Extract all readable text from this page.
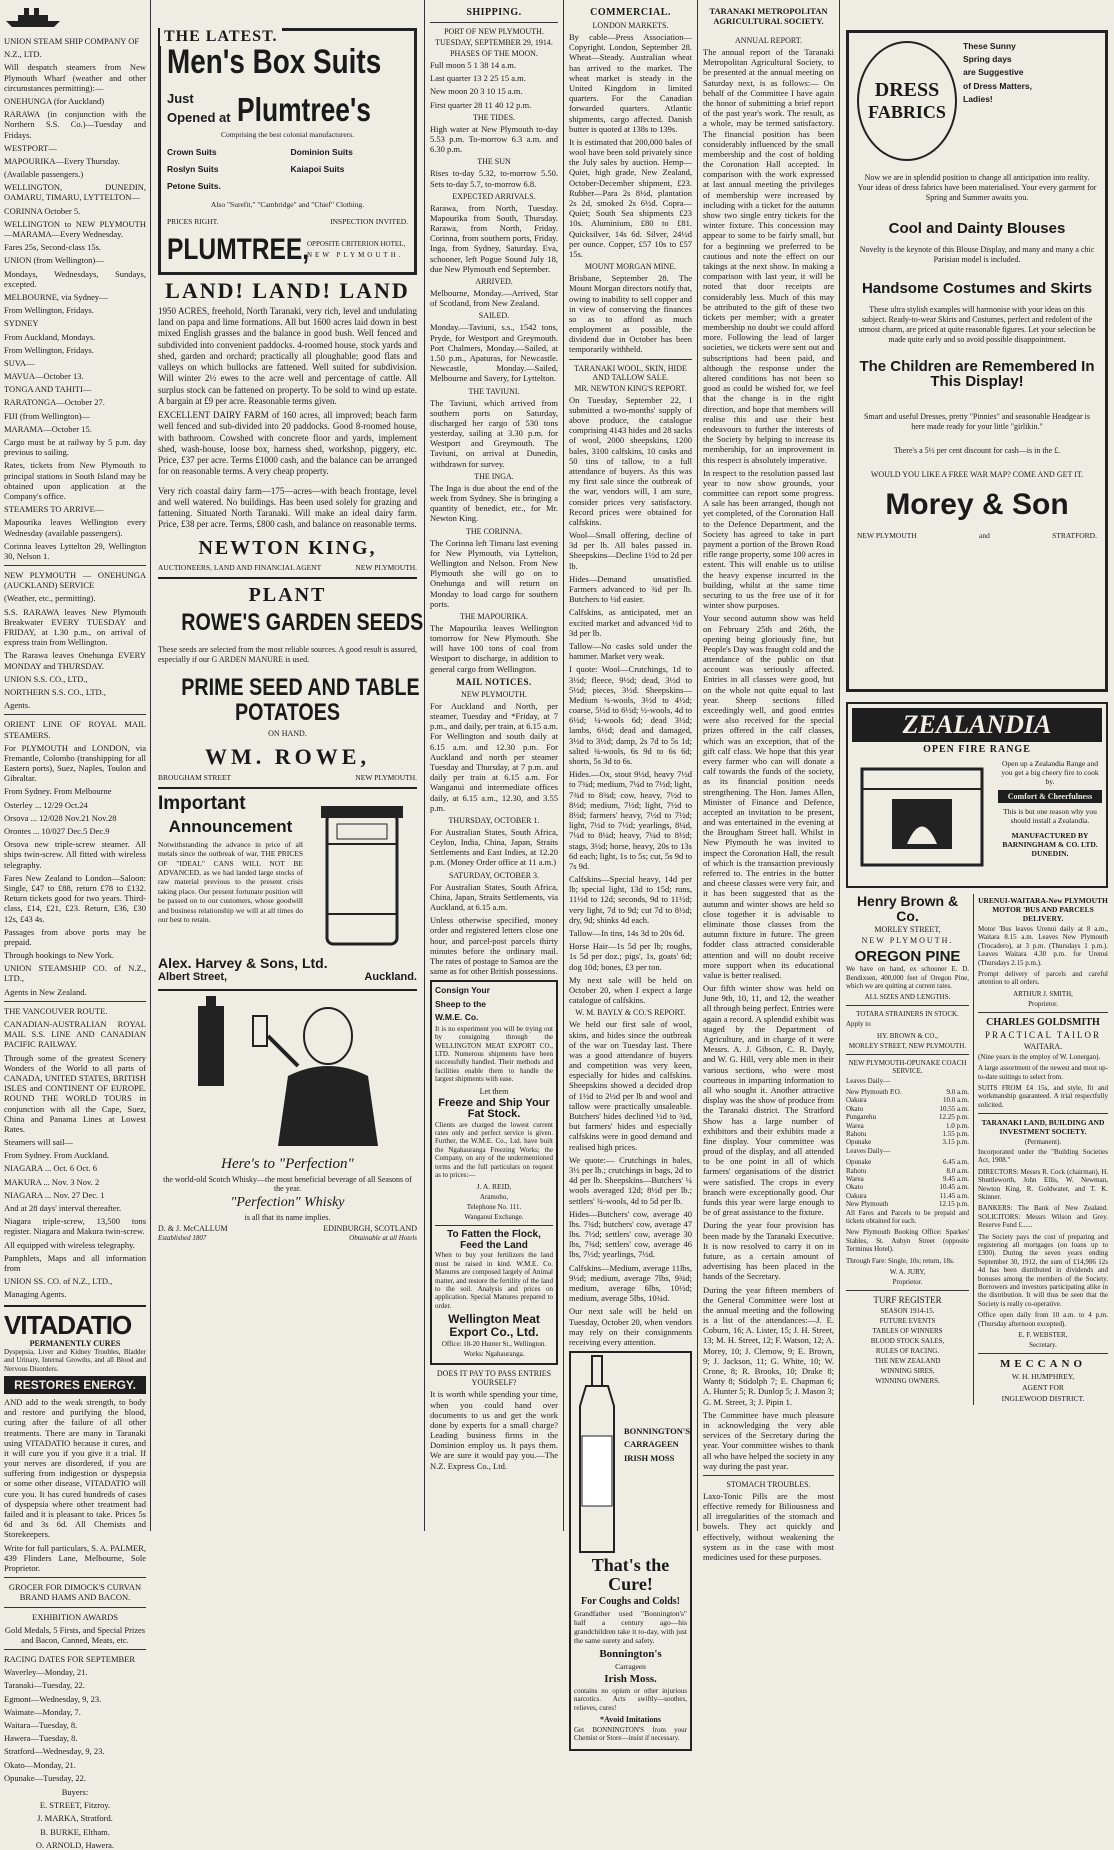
UNION STEAM SHIP COMPANY OF
N.Z., LTD.
Will despatch steamers from New Plymouth Wharf (weather and other circumstances permitting):—
ONEHUNGA (for Auckland)
RARAWA (in conjunction with the Northern S.S. Co.)—Tuesday and Fridays.
WESTPORT—
MAPOURIKA—Every Thursday.
(Available passengers.)
WELLINGTON, DUNEDIN, OAMARU, TIMARU, LYTTELTON—
CORINNA October 5.
WELLINGTON to NEW PLYMOUTH—MARAMA—Every Wednesday.
Fares 25s, Second-class 15s.
UNION (from Wellington)—
Mondays, Wednesdays, Sundays, excepted.
MELBOURNE, via Sydney—
From Wellington, Fridays.
SYDNEY
From Auckland, Mondays.
From Wellington, Fridays.
SUVA—
MAVUA—October 13.
TONGA AND TAHITI—
RARATONGA—October 27.
FIJI (from Wellington)—
MARAMA—October 15.
Cargo must be at railway by 5 p.m. day previous to sailing.
Rates, tickets from New Plymouth to principal stations in South Island may be obtained upon application at the Company's office.
STEAMERS TO ARRIVE—
Mapourika leaves Wellington every Wednesday (available passengers).
Corinna leaves Lyttelton 29, Wellington 30, Nelson 1.
NEW PLYMOUTH — ONEHUNGA (AUCKLAND) SERVICE
(Weather, etc., permitting).
S.S. RARAWA leaves New Plymouth Breakwater EVERY TUESDAY and FRIDAY, at 1.30 p.m., on arrival of express train from Wellington.
The Rarawa leaves Onehunga EVERY MONDAY and THURSDAY.
UNION S.S. CO., LTD.,
NORTHERN S.S. CO., LTD.,
Agents.
ORIENT LINE OF ROYAL MAIL STEAMERS.
For PLYMOUTH and LONDON, via Fremantle, Colombo (transhipping for all Eastern ports), Suez, Naples, Toulon and Gibraltar.
From Sydney. From Melbourne
Osterley ... 12/29 Oct.24
Orsova ... 12/028 Nov.21 Nov.28
Orontes ... 10/027 Dec.5 Dec.9
Orsova new triple-screw steamer. All ships twin-screw. All fitted with wireless telegraphy.
Fares New Zealand to London—Saloon: Single, £47 to £88, return £78 to £132. Return tickets good for two years. Third-class, £14, £21, £23. Return, £36, £30 12s, £43 4s.
Passages from above ports may be prepaid.
Through bookings to New York.
UNION STEAMSHIP CO. of N.Z., LTD.,
Agents in New Zealand.
THE VANCOUVER ROUTE.
CANADIAN-AUSTRALIAN ROYAL MAIL S.S. LINE AND CANADIAN PACIFIC RAILWAY.
Through some of the greatest Scenery Wonders of the World to all parts of CANADA, UNITED STATES, BRITISH ISLES and CONTINENT OF EUROPE. ROUND THE WORLD TOURS in conjunction with all the Cape, Suez, China and Panama Lines at Lowest Rates.
Steamers will sail—
From Sydney. From Auckland.
NIAGARA ... Oct. 6 Oct. 6
MAKURA ... Nov. 3 Nov. 2
NIAGARA ... Nov. 27 Dec. 1
And at 28 days' interval thereafter.
Niagara triple-screw, 13,500 tons register. Niagara and Makura twin-screw.
All equipped with wireless telegraphy.
Pamphlets, Maps and all information from
UNION SS. CO. of N.Z., LTD.,
Managing Agents.
VITADATIO
PERMANENTLY CURES
Dyspepsia, Liver and Kidney Troubles, Bladder and Urinary, Internal Growths, and all Blood and Nervous Disorders.
RESTORES ENERGY.
AND add to the weak strength, to body and restore and purifying the blood, curing after the failure of all other treatments. There are many in Taranaki using VITADATIO because it cures, and it will cure you if you give it a trial. If your nerves are disordered, if you are suffering from indigestion or dyspepsia or some other disease, VITADATIO will cure you. It has cured hundreds of cases of dyspepsia where other treatment had failed and it is pleasant to take. Prices 5s 6d and 3s 6d. All Chemists and Storekeepers.
Write for full particulars, S. A. PALMER, 439 Flinders Lane, Melbourne, Sole Proprietor.
GROCER FOR DIMOCK'S CURVAN BRAND HAMS AND BACON.
EXHIBITION AWARDS
Gold Medals, 5 Firsts, and Special Prizes and Bacon, Canned, Meats, etc.
RACING DATES FOR SEPTEMBER
Waverley—Monday, 21.
Taranaki—Tuesday, 22.
Egmont—Wednesday, 9, 23.
Waimate—Monday, 7.
Waitara—Tuesday, 8.
Hawera—Tuesday, 8.
Stratford—Wednesday, 9, 23.
Okato—Monday, 21.
Opunake—Tuesday, 22.
Buyers:
E. STREET, Fitzroy.
J. MARKA, Stratford.
B. BURKE, Eltham.
O. ARNOLD, Hawera.
THE LATEST.
Men's Box Suits
Just
Opened at Plumtree's
Comprising the best colonial manufacturers.
Crown Suits	Dominion Suits
Roslyn Suits	Kaiapoi Suits
Petone Suits.
Also "Surefit," "Cambridge" and "Chief" Clothing.
PRICES RIGHT.	INSPECTION INVITED.
PLUMTREE,
OPPOSITE CRITERION HOTEL,
NEW PLYMOUTH.
LAND! LAND! LAND

1950 ACRES, freehold, North Taranaki, very rich, level and undulating land on papa and lime formations. All but 1600 acres laid down in best mixed English grasses and the balance in good bush. Well fenced and subdivided into convenient paddocks. 4-roomed house, stock yards and shed, garden and orchard; practically all ploughable; good flats and valleys on which bullocks are fattened. Well suited for subdivision. Will winter 2½ ewes to the acre well and percentage of cattle. All surplus stock can be fattened on property. To be sold to wind up estate. A bargain at £9 per acre. Reasonable terms given.

EXCELLENT DAIRY FARM of 160 acres, all improved; beach farm well fenced and sub-divided into 20 paddocks. Good 8-roomed house, with bathroom. Cowshed with concrete floor and yards, implement shed, wash-house, loose box, harness shed, workshop, piggery, etc. Price, £37 per acre. Terms £1000 cash, and the balance can be arranged for on reasonable terms. A very cheap property.

Very rich coastal dairy farm—175—acres—with beach frontage, level and well watered. No buildings. Has been used solely for grazing and fattening. Situated North Taranaki. Will make an ideal dairy farm. Price, £38 per acre. Terms, £800 cash, and balance on reasonable terms.

NEWTON KING,
AUCTIONEERS, LAND AND FINANCIAL AGENT	NEW PLYMOUTH.
PLANT
ROWE'S GARDEN SEEDS

These seeds are selected from the most reliable sources. A good result is assured, especially if our G ARDEN MANURE is used.

PRIME SEED AND TABLE
POTATOES
ON HAND.
WM. ROWE,
BROUGHAM STREET	NEW PLYMOUTH.
Important
Announcement

Notwithstanding the advance in price of all metals since the outbreak of war, THE PRICES OF "IDEAL" CANS WILL NOT BE ADVANCED, as we had landed large stocks of raw material previous to the present crisis taking place. Our present fortunate position will be passed on to our customers, whose goodwill and business relationship we will at all times do our best to retain.

Alex. Harvey & Sons, Ltd.
Albert Street,	Auckland.
Here's to "Perfection"
the world-old Scotch Whisky—the most beneficial beverage of all Seasons of the year.
"Perfection" Whisky
is all that its name implies.
D. & J. McCALLUM	EDINBURGH, SCOTLAND
Established 1807	Obtainable at all Hotels
SHIPPING.
PORT OF NEW PLYMOUTH.
TUESDAY, SEPTEMBER 29, 1914.
PHASES OF THE MOON.
Full moon 5 1 38 14 a.m.
Last quarter 13 2 25 15 a.m.
New moon 20 3 10 15 a.m.
First quarter 28 11 40 12 p.m.
THE TIDES.

High water at New Plymouth to-day 5.53 p.m. To-morrow 6.3 a.m. and 6.30 p.m.

THE SUN

Rises to-day 5.32, to-morrow 5.50. Sets to-day 5.7, to-morrow 6.8.

EXPECTED ARRIVALS.

Rarawa, from North, Tuesday. Mapourika from South, Thursday. Rarawa, from North, Friday. Corinna, from southern ports, Friday. Inga, from Sydney, Saturday. Eva, schooner, left Pogue Sound July 18, due New Plymouth end September.

ARRIVED.

Melbourne, Monday.—Arrived, Star of Scotland, from New Zealand.

SAILED.

Monday.—Taviuni, s.s., 1542 tons, Pryde, for Westport and Greymouth. Port Chalmers, Monday.—Sailed, at 1.50 p.m., Apaturas, for Newcastle. Newcastle, Monday.—Sailed, Melbourne and Savery, for Lyttelton.

THE TAVIUNI.

The Taviuni, which arrived from southern ports on Saturday, discharged her cargo of 530 tons yesterday, sailing at 3.30 p.m. for Westport and Greymouth. The Taviuni, on arrival at Dunedin, withdrawn for survey.

THE INGA.

The Inga is due about the end of the week from Sydney. She is bringing a quantity of benedict, etc., for Mr. Newton King.

THE CORINNA.

The Corinna left Timaru last evening for New Plymouth, via Lyttelton, Wellington and Nelson. From New Plymouth she will go on to Onehunga and will return on Monday to load cargo for southern ports.

THE MAPOURIKA.

The Mapourika leaves Wellington tomorrow for New Plymouth. She will have 100 tons of coal from Westport to discharge, in addition to general cargo from Wellington.

MAIL NOTICES.
NEW PLYMOUTH.

For Auckland and North, per steamer, Tuesday and *Friday, at 7 p.m., and daily, per train, at 6.15 a.m. For Wellington and south daily at 6.15 a.m. and 12.30 p.m. For Auckland and north per steamer Tuesday and Thursday, at 7 p.m. and daily per train at 6.15 a.m. For Wanganui and intermediate offices daily, at 6.15 a.m., 12.30, and 3.55 p.m.

THURSDAY, OCTOBER 1.

For Australian States, South Africa, Ceylon, India, China, Japan, Straits Settlements and East Indies, at 12.20 p.m. (Money Order office at 11 a.m.)

SATURDAY, OCTOBER 3.

For Australian States, South Africa, China, Japan, Straits Settlements, via Auckland, at 6.15 a.m.

Unless otherwise specified, money order and registered letters close one hour, and parcel-post parcels thirty minutes before the ordinary mail. The rates of postage to Samoa are the same as for other British possessions.

Consign Your
Sheep to the
W.M.E. Co.

It is no experiment you will be trying out by consigning through the WELLINGTON MEAT EXPORT CO., LTD. Numerous shipments have been successfully handled. Their methods and facilities enable them to handle the largest shipments with ease.

Let them
Freeze and Ship Your Fat Stock.

Clients are charged the lowest current rates only and perfect service is given. Further, the W.M.E. Co., Ltd. have built the Ngahauranga Freezing Works; the Company, on any of the undermentioned terms and the full particulars on request as to prices:—

J. A. REID,
Aramoho,
Telephone No. 111.
Wanganui Exchange.
To Fatten the Flock, Feed the Land

When to buy your fertilizers the land must be raised in kind. W.M.E. Co. Manures are composed largely of Animal matter, and restore the fertility of the land to the soil. Analysis and prices on application. Special Manures prepared to order.

Wellington Meat Export Co., Ltd.
Office: 18-20 Hunter St., Wellington.
Works: Ngahauranga.
DOES IT PAY TO PASS ENTRIES YOURSELF?

It is worth while spending your time, when you could hand over documents to us and get the work done by experts for a small charge? Leading business firms in the Dominion employ us. It pays them. We are sure it would pay you.—The N.Z. Express Co., Ltd.

COMMERCIAL.
LONDON MARKETS.

By cable—Press Association—Copyright. London, September 28. Wheat—Steady. Australian wheat has arrived to the market. The wheat market is steady in the United Kingdom in limited quarters. For the Canadian forwarded quarters. Atlantic shipments, cargo affected. Danish butter is quoted at 138s to 139s.

It is estimated that 200,000 bales of wool have been sold privately since the July sales by auction. Hemp—Quiet, high grade, New Zealand, October-December shipment, £23. Rubber—Para 2s 8½d, plantation 2s 2d, smoked 2s 6½d. Copra—Quiet; South Sea shipments £23 10s. Aluminium, £80 to £81. Quicksilver, 14s 6d. Silver, 24½d per ounce. Copper, £57 10s to £57 15s.

MOUNT MORGAN MINE.

Brisbane, September 28. The Mount Morgan directors notify that, owing to inability to sell copper and in view of conserving the finances so as to afford as much employment as possible, the dividend due in October has been temporarily withheld.

TARANAKI WOOL, SKIN, HIDE AND TALLOW SALE.
MR. NEWTON KING'S REPORT.

On Tuesday, September 22, I submitted a two-months' supply of above produce, the catalogue comprising 4143 hides and 28 sacks of wool, 2000 sheepskins, 1200 bales, 3100 calfskins, 10 casks and 50 tins of tallow, to a full attendance of buyers. As this was my first sale since the outbreak of the war, vendors will, I am sure, consider prices very satisfactory. Record prices were obtained for calfskins.

Wool—Small offering, decline of 3d per lb. All bales passed in. Sheepskins—Decline 1½d to 2d per lb.

Hides—Demand unsatisfied. Farmers advanced to ¾d per lb. Butchers to ½d easier.

Calfskins, as anticipated, met an excited market and advanced ½d to 3d per lb.

Tallow—No casks sold under the hammer. Market very weak.

I quote: Wool—Crutchings, 1d to 3½d; fleece, 9½d; dead, 3½d to 5½d; pieces, 3½d. Sheepskins—Medium ¾-wools, 3½d to 4½d; coarse, 5½d to 6½d; ½-wools, 4d to 6½d; ¼-wools 6d; dead 3½d; lambs, 6½d; dead and damaged, 3½d to 3½d; damp, 2s 7d to 5s 1d; salted ¾-wools, 6s 9d to 6s 6d; shorts, 5s 3d to 6s.

Hides.—Ox, stout 9½d, heavy 7½d to 7¾d; medium, 7¼d to 7½d; light, 7¾d to 8¾d; cow, heavy, 7½d to 8½d; medium, 7½d; light, 7½d to 8½d; farmers' heavy, 7½d to 7½d; light, 7½d to 7½d; yearlings, 8¼d, 7¼d to 8¼d; heavy, 7¼d to 8½d; stags, 3½d; horse, heavy, 20s to 13s 6d each; light, 1s to 5s; cut, 5s 9d to 7s 9d.

Calfskins—Special heavy, 14d per lb; special light, 13d to 15d; runs, 11½d to 12d; seconds, 9d to 11½d; very light, 7d to 9d; cut 7d to 8½d; dry, 9d; shinks 4d each.

Tallow—In tins, 14s 3d to 20s 6d.

Horse Hair—1s 5d per lb; roughs, 1s 5d per doz.; pigs', 1s, goats' 6d; dog 10d; bones, £3 per ton.

My next sale will be held on October 20, when I expect a large catalogue of calfskins.

W. M. BAYLY & CO.'S REPORT.

We held our first sale of wool, skins, and hides since the outbreak of the war on Tuesday last. There was a good attendance of buyers and competition was very keen, especially for hides and calfskins. Sheepskins showed a decided drop of 1½d to 2½d per lb and wool and tallow were practically unsaleable. Butchers' hides declined ½d to ¾d, but farmers' hides and especially calfskins were in good demand and realised high prices.

We quote:— Crutchings in bales, 3½ per lb.; crutchings in bags, 2d to 4d per lb. Sheepskins—Butchers' ¼ wools averaged 12d; 8½d per lb.; settlers' ¾-wools, 4d to 5d per lb.

Hides—Butchers' cow, average 40 lbs. 7¾d; butchers' cow, average 47 lbs. 7½d; settlers' cow, average 30 lbs, 7¾d; settlers' cow, average 46 lbs, 7½d; yearlings, 7½d.

Calfskins—Medium, average 11lbs, 9½d; medium, average 7lbs, 9¾d; medium, average 6lbs, 10½d; medium, average 5lbs, 10¾d.

Our next sale will be held on Tuesday, October 20, when vendors may rely on their consignments receiving every attention.

BONNINGTON'S
CARRAGEEN
IRISH MOSS
That's the Cure!
For Coughs and Colds!

Grandfather used "Bonnington's" half a century ago—his grandchildren take it to-day, with just the same surety and safety.

Bonnington's
Carrageen
Irish Moss.

contains no opium or other injurious narcotics. Acts swiftly—soothes, relieves, cures!

*Avoid Imitations

Get BONNINGTON'S from your Chemist or Store—insist if necessary.

TARANAKI METROPOLITAN AGRICULTURAL SOCIETY.
ANNUAL REPORT.

The annual report of the Taranaki Metropolitan Agricultural Society, to be presented at the annual meeting on Saturday next, is as follows:— On behalf of the Committee I have again the honor of submitting a brief report of the past year's work. The result, as a whole, may be termed satisfactory. The financial position has been considerably influenced by the small membership and the cost of holding the Coronation Hall accepted. In comparison with the work expressed at last annual meeting the privileges of membership were increased by including with a ticket for the autumn show two single entry tickets for the winter fixture. This concession may appear to some to be fairly small, but for a beginning we preferred to be cautious and note the effect on our takings at the next show. In making a comparison with last year, it will be noted that door receipts are considerably less. Much of this may be attributed to the gift of these two tickets per member; with a greater membership no doubt we could afford more. Following the lead of larger societies, we tickets were sent out and subscriptions had been paid, and although the response under the altered conditions has not been so good as could be wished for, we feel that the change is in the right direction, and hope that members will realise this and use their best endeavours to further the interests of the Society by helping to increase its membership, for an improvement in this respect is absolutely imperative.

In respect to the resolution passed last year to now show grounds, your committee can report some progress. A sale has been arranged, though not yet completed, of the Coronation Hall to the Defence Department, and the Society has agreed to take in part payment a portion of the Brown Road rifle range property, some 100 acres in extent. This will enable us to utilise the heavy expense incurred in the building, whilst at the same time securing to us the free use of it for winter show purposes.

Your second autumn show was held on February 25th and 26th, the opening being gloriously fine, but People's Day was fraught cold and the attendance of the public on that account was seriously affected. Entries in all classes were good, but on the whole not quite equal to last year. Sheep sections filled exceedingly well, and good entries were also received for the special prizes offered in the calf classes, which was an exception, that of the gift calf class. We hope that this year every farmer who can will donate a calf towards the funds of the society, as its financial position needs strengthening. The Hon. James Allen, Minister of Finance and Defence, accepted an invitation to be present, and was entertained in the evening at the Brougham Street hall. Whilst in New Plymouth he was invited to inspect the Coronation Hall, the result of which is the transaction previously referred to. The entries in the butter and cheese classes were very fair, and it has been suggested that as the autumn and winter shows are held so close together it is advisable to eliminate those classes from the autumn fixture in future. The green fodder class attracted considerable attention and will no doubt receive more support when its educational value is better realised.

Our fifth winter show was held on June 9th, 10, 11, and 12, the weather all through being perfect. Entries were again a record. A splendid exhibit was staged by the Department of Agriculture, and in charge of it were Messrs. A. J. Gibson, C. R. Dayly, and W. G. Hill, very able men in their various sections, who were most courteous in imparting information to all who sought it. Another attractive display was the show of produce from the Taranaki district. The Stratford Show has a large number of exhibitors and their exhibits made a fine display. Your committee was proud of the display, and all attended to be one point in all of which farmers' organisations of the district were satisfied. The crops in every branch were exceptionally good. Our funds this year were large enough to be of great assistance to the fixture.

During the year four provision has been made by the Taranaki Executive. It is now resolved to carry it on in future, as a certain amount of advertising has been placed in the hands of the Secretary.

During the year fifteen members of the General Committee were lost at the annual meeting and the following is a list of the attendances:—J. E. Coburn, 16; A. Lister, 15; J. H. Street, 13; M. H. Street, 12; F. Watson, 12; A. Morey, 10; J. Clemow, 9; E. Brown, 9; J. Jackson, 11; G. White, 10; W. Crone, 8; R. Brooks, 10; Drake 8; Wanty 8; Stidolph 7; E. Chapman 6; A. Hunter 5; R. Dunlop 5; J. Mason 3; G. M. Street, 3; J. Pipin 1.

The Committee have much pleasure in acknowledging the very able services of the Secretary during the year. Your committee wishes to thank all who have helped the society in any way during the past year.

STOMACH TROUBLES.

Laxo-Tonic Pills are the most effective remedy for Biliousness and all irregularities of the stomach and bowels. They act quickly and effectively, without weakening the system as in the case with most medicines used for these purposes.

DRESS
FABRICS
These Sunny
Spring days
are Suggestive
of Dress Matters,
Ladies!

Now we are in splendid position to change all anticipation into reality. Your ideas of dress fabrics have been materialised. Your every garment for Spring and Summer awaits you.

Cool and Dainty Blouses

Novelty is the keynote of this Blouse Display, and many and many a chic Parisian model is included.

Handsome Costumes and Skirts

These ultra stylish examples will harmonise with your ideas on this subject. Ready-to-wear Skirts and Costumes, perfect and redolent of the utmost charm, are priced at quite reasonable figures. Let your selection be made quite early and so avoid possible disappointment.

The Children are Remembered In This Display!

Smart and useful Dresses, pretty "Pinnies" and seasonable Headgear is here made ready for your little "girlikin."

There's a 5½ per cent discount for cash—is in the £.

WOULD YOU LIKE A FREE WAR MAP? COME AND GET IT.
Morey & Son
NEW PLYMOUTH	and	STRATFORD.
ZEALANDIA
OPEN FIRE RANGE
Open up a Zealandia Range and you get a big cheery fire to cook by.
Comfort & Cheerfulness
This is but one reason why you should install a Zealandia.
MANUFACTURED BY BARNINGHAM & CO. LTD. DUNEDIN.
Henry Brown & Co.
MORLEY STREET,
NEW PLYMOUTH.
OREGON PINE

We have on hand, ex schooner E. D. Bendixsen, 400,000 feet of Oregon Pine, which we are quitting at current rates.

ALL SIZES AND LENGTHS.
TOTARA STRAINERS IN STOCK.
Apply to
HY. BROWN & CO.,
MORLEY STREET, NEW PLYMOUTH.
NEW PLYMOUTH-OPUNAKE COACH SERVICE.
Leaves Daily—
New Plymouth P.O.	9.0 a.m.
Oakura	10.0 a.m.
Okato	10.55 a.m.
Pungarehu	12.25 p.m.
Warea	1.0 p.m.
Rahotu	1.55 p.m.
Opunake	3.15 p.m.
Leaves Daily—
Opunake	6.45 a.m.
Rahotu	8.0 a.m.
Warea	9.45 a.m.
Okato	10.45 a.m.
Oakura	11.45 a.m.
New Plymouth	12.15 p.m.

All Fares and Parcels to be prepaid and tickets obtained for each.

New Plymouth Booking Office: Sparkes' Stables, St. Aubyn Street (opposite Terminus Hotel).

Through Fare: Single, 10s; return, 18s.

W. A. JURY,
Proprietor.
TURF REGISTER
SEASON 1914-15.
FUTURE EVENTS
TABLES OF WINNERS
BLOOD STOCK SALES,
RULES OF RACING.
THE NEW ZEALAND
WINNING SIRES,
WINNING OWNERS.
URENUI-WAITARA-New PLYMOUTH MOTOR 'BUS AND PARCELS DELIVERY.

Motor 'Bus leaves Urenui daily at 8 a.m., Waitara 8.15 a.m. Leaves New Plymouth (Trocadero), at 3 p.m. (Thursdays 1 p.m.). Leaves Waitara 4.30 p.m. for Urenui (Thursdays 2.15 p.m.).

Prompt delivery of parcels and careful attention to all orders.

ARTHUR J. SMITH,
Proprietor.
CHARLES GOLDSMITH
PRACTICAL TAILOR
WAITARA.

(Nine years in the employ of W. Lonergan).

A large assortment of the newest and most up-to-date suitings to select from.

SUITS FROM £4 15s, and style, fit and workmanship guaranteed. A trial respectfully solicited.

TARANAKI LAND, BUILDING AND INVESTMENT SOCIETY.
(Permanent).

Incorporated under the "Building Societies Act, 1908."

DIRECTORS: Messrs R. Cock (chairman), H. Shuttleworth, John Ellis, W. Newman, Newton King, R. Goldwater, and T. K. Skinner.

BANKERS: The Bank of New Zealand. SOLICITORS: Messrs Wilson and Grey. Reserve Fund £......

The Society pays the cost of preparing and registering all mortgages (on loans up to £300). During the seven years ending September 30, 1912, the sum of £14,986 12s 4d has been distributed in dividends and bonuses among the members of the Society. Borrowers and investors participating alike in the distribution. It will thus be seen that the Society is really co-operative.

Office open daily from 10 a.m. to 4 p.m. (Thursday afternoon excepted).

E. F. WEBSTER,
Secretary.
MECCANO
W. H. HUMPHREY,
AGENT FOR
INGLEWOOD DISTRICT.
